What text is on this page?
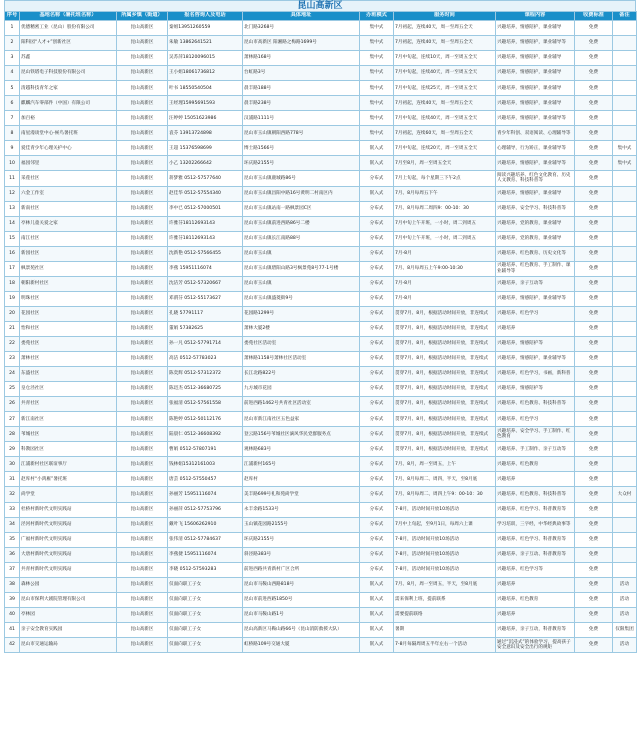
昆山高新区
序号	基地名称（暑托班名称）	所属乡镇（街道）	报名咨询人及电话	具体地址	办班模式	服务时间	课程内容	收费标准	备注
1	优德精密工业（昆山）股份有限公司	昆山高新区	秦姐13951260559	北门路3268号	集中式	7月初起，连续40天，周一至周五全天	兴趣培养，情感陪护，课业辅导	免费	
2	阳科园“人才+”创新社区	昆山高新区	朱敏 13862641521	昆山市高新区 阳湘路之梅路1699号	集中式	7月初起，连续40天，周一至周五全天	兴趣培养，情感陪护，课业辅导等	免费	
3	苏鑫	昆山高新区	吴苏萍18120096015	萧林路168号	集中式	7月中旬起，连续10天，周一至周五全天	兴趣培养，情感陪护，课业辅导	免费	
4	昆山铁塔电子科技股份有限公司	昆山高新区	王小姐18061736812	台虹路3号	集中式	7月中旬起，连续40天，周一至周五全天	兴趣培养，情感陪护，课业辅导	免费	
5	清越科技青年之家	昆山高新区	叶书 18550540504	晨丰路188号	集中式	7月中旬起，连续25天，周一至周五全天	兴趣培养，情感陪护，课业辅导	免费	
6	麒麟汽车零部件（中国）有限公司	昆山高新区	王经理15995691593	晨丰路238号	集中式	7月初起，连续40天，周一至周五全天	兴趣培养，情感陪护，课业辅导	免费	
7	加百裕	昆山高新区	汪婷婷 15051623986	汉浦路1111号	集中式	7月中旬起，连续40天，周一至周五全天	兴趣培养，情感陪护，课业辅导等	免费	
8	南星漫谈堂中心-候鸟暑托班	昆山高新区	袁芬 13913724898	昆山市玉山镇朝阳西路778号	集中式	7月初起，连续60天，周一至周五全天	青少年科创、双语阅读、心理辅导等	免费	
9	爱佳青少年心理关护中心	昆山高新区	王超 15376598699	博士路1566号	嵌入式	7月中旬起，连续20天，周一至周五全天	心理辅导，行为矫正，课业辅导等	免费	集中式
10	福园邻里	昆山高新区	小乙 13202266642	环庆路2155号	嵌入式	7月至8月，周一至周五全天	兴趣培养，情感陪护，课业辅导等	免费	集中式
11	采莲社区	昆山高新区	蒋梦雅 0512-57577640	昆山市玉山镇鹿城路86号	分布式	7月上旬起，每个星期三下午2点	阅读兴趣培养、红色文化教育、历史人文教育、科技科普等	免费	
12	六金工作室	昆山高新区	赵佳华 0512-57554340	昆山市玉山镇昌阳中路16号黄明二村南区内	嵌入式	7月、8月每周五下午	兴趣培养，情感陪护，课业辅导	免费	
13	新南社区	昆山高新区	李中已 0512-57000501	昆山市玉山镇站南一路枫景园C区	分布式	7月、8月每周二周四9：00-10：30	兴趣培养、安全学习、科技科普等	免费	
14	亭林儿童关爱之家	昆山高新区	许雅芬18112693143	昆山市玉山镇前进西路86号二楼	分布式	7月中旬上午开班，一小时，周二到周五	兴趣培养，党的教育，课业辅导	免费	
15	南江社区	昆山高新区	许雅芬18112693143	昆山市玉山镇长江南路88号	分布式	7月中旬上午开班，一小时，周二到周五	兴趣培养，党的教育，课业辅导	免费	
16	新园社区	昆山高新区	沈新艳 0512-57566455	昆山市玉山镇	分布式	7月-8月	兴趣培养、红色教育、历史文化等	免费	
17	枫景苑社区	昆山高新区	李燕 15951116074	昆山市玉山镇碧阳山路3号枫景苑8号77-1号楼	分布式	7月、8月每周五上午9:00-10:30	兴趣培养、红色教育、手工制作、课业辅导等	免费	
18	朝阳新村社区	昆山高新区	沈洁芳 0512-57320667	昆山市玉山镇	分布式	7月-8月	兴趣培养，亲子互动等	免费	
19	明珠社区	昆山高新区	邓渭芬 0512-55173627	昆山市玉山镇盛菱街9号	分布式	7月-8月	兴趣培养，情感陪护，课业辅导等	免费	
20	花园社区	昆山高新区	孔晓 57791117	花园路1299号	分布式	贯穿7月、8月，根据活动时间开放，非连续式	兴趣培养、红色学习	免费	
21	怡和社区	昆山高新区	董娟 57382625	萧林大厦2楼	分布式	贯穿7月、8月，根据活动时间开放，非连续式	兴趣培养	免费	
22	娄苑社区	昆山高新区	孙一凡 0512-57791714	娄苑社区活动室	分布式	贯穿7月、8月，根据活动时间开放，非连续式	兴趣培养，情感陪护等	免费	
23	萧林社区	昆山高新区	高洁 0512-57783023	萧林路1158号萧林社区活动室	分布式	贯穿7月、8月，根据活动时间开放，非连续式	兴趣培养，情感陪护，课业辅导等	免费	
24	东盛社区	昆山高新区	陈奕辉 0512-57312372	长江北路822号	分布式	贯穿7月、8月，根据活动时间开放，非连续式	兴趣培养，红色学习，书画，新科普	免费	
25	皇仓泾社区	昆山高新区	陈迅杰 0512-36680725	九方城市花园	分布式	贯穿7月、8月，根据活动时间开放，非连续式	兴趣培养，情感陪护等	免费	
26	共青社区	昆山高新区	张福清 0512-57561558	前进西路1462号共青社区活动室	分布式	贯穿7月、8月，根据活动时间开放，非连续式	兴趣培养、红色教育、科技科普等	免费	
27	新江南社区	昆山高新区	陈艳婷 0512-50112176	昆山市新江南社区五色益家	分布式	贯穿7月、8月，根据活动时间开放，非连续式	兴趣培养、红色学习	免费	
28	苇城社区	昆山高新区	陆晨仁 0512-36608392	登云路156号苇城社区滴风华民党群服务点	分布式	贯穿7月、8月，根据活动时间开放，非连续式	兴趣培养、安全学习、手工制作、红色教育	免费	
29	科教园社区	昆山高新区	曹娟 0512-57807191	观林路683号	分布式	贯穿7月、8月，根据活动时间开放，非连续式	兴趣培养、手工制作、亲子互动等	免费	
30	江浦新村社区联谊事厅	昆山高新区	钱林娟15312161003	江浦新村165号	分布式	7月、8月，周一至周五，上午	兴趣培养、红色教育	免费	
31	赵库村“小鸿雁”暑托班	昆山高新区	唐芸 0512-57550457	赵库村	分布式	7月、8月每周二、周四，半天，至8月底	兴趣培养	免费	
32	尚学堂	昆山高新区	孙丽芳 15951116074	美丰路699号礼和苑尚学堂	分布式	7月、8月每周二、周四上午9：00-10：30	兴趣培养、红色教育、科技科普等	免费	大众村
33	杜桥村新时代文明实践站	昆山高新区	孙丽萍 0512-57753796	永丰余路1533号	分布式	7-8月，活动时间开放10场活动	兴趣培养、红色学习、科普教育等	免费	
34	泾河村新时代文明实践站	昆山高新区	戴叶飞 15606262910	玉山镇花园路2155号	分布式	7月中上旬起，至9月1日，每周六上课	学习培训，三字经，中华经典故事等	免费	
35	广福村新时代文明实践站	昆山高新区	张伟清 0512-57784637	环庆路2155号	分布式	7-8月，活动时间开放10场活动	兴趣培养、红色学习、科普教育等	免费	
36	大唐村新时代文明实践站	昆山高新区	李燕捷 15951116074	斜泾路383号	分布式	7-8月，活动时间开放10场活动	兴趣培养、亲子互动、科普教育等	免费	
37	共青村新时代文明实践站	昆山高新区	李晓 0512-57593283	前进西路共青新村广区合所	分布式	7-8月，活动时间开放10场活动	兴趣培养、红色学习等	免费	
38	森林公园	昆山高新区	仅面向职工子女	昆山市马鞍山西路818号	嵌入式	7月、8月，周一至周五，半天，至8月底	兴趣培养	免费	活动
39	昆山市保利大剧院管理有限公司	昆山高新区	仅面向职工子女	昆山市前进西路1850号	嵌入式	需来保利上班，提前联系	兴趣培养、红色教育	免费	活动
40	亭林园	昆山高新区	仅面向职工子女	昆山市马鞍山路1号	嵌入式	需要提前联络	兴趣培养	免费	活动
41	亲子安全教育实践园	昆山高新区	仅面向职工子女	昆山高新区马鞍山路66号（昆山消防救援大队）	嵌入式	暑期	兴趣培养，亲子互动，科普教育等	免费	仅限集团
42	昆山市交通运输局	昆山高新区	仅面向职工子女	虹桥路109号交通大厦	嵌入式	7-8月每隔周周五半年左右一个活动	通过“沉浸式”的体验学习，提高孩子安全意识及安全出行的规矩	免费	活动
